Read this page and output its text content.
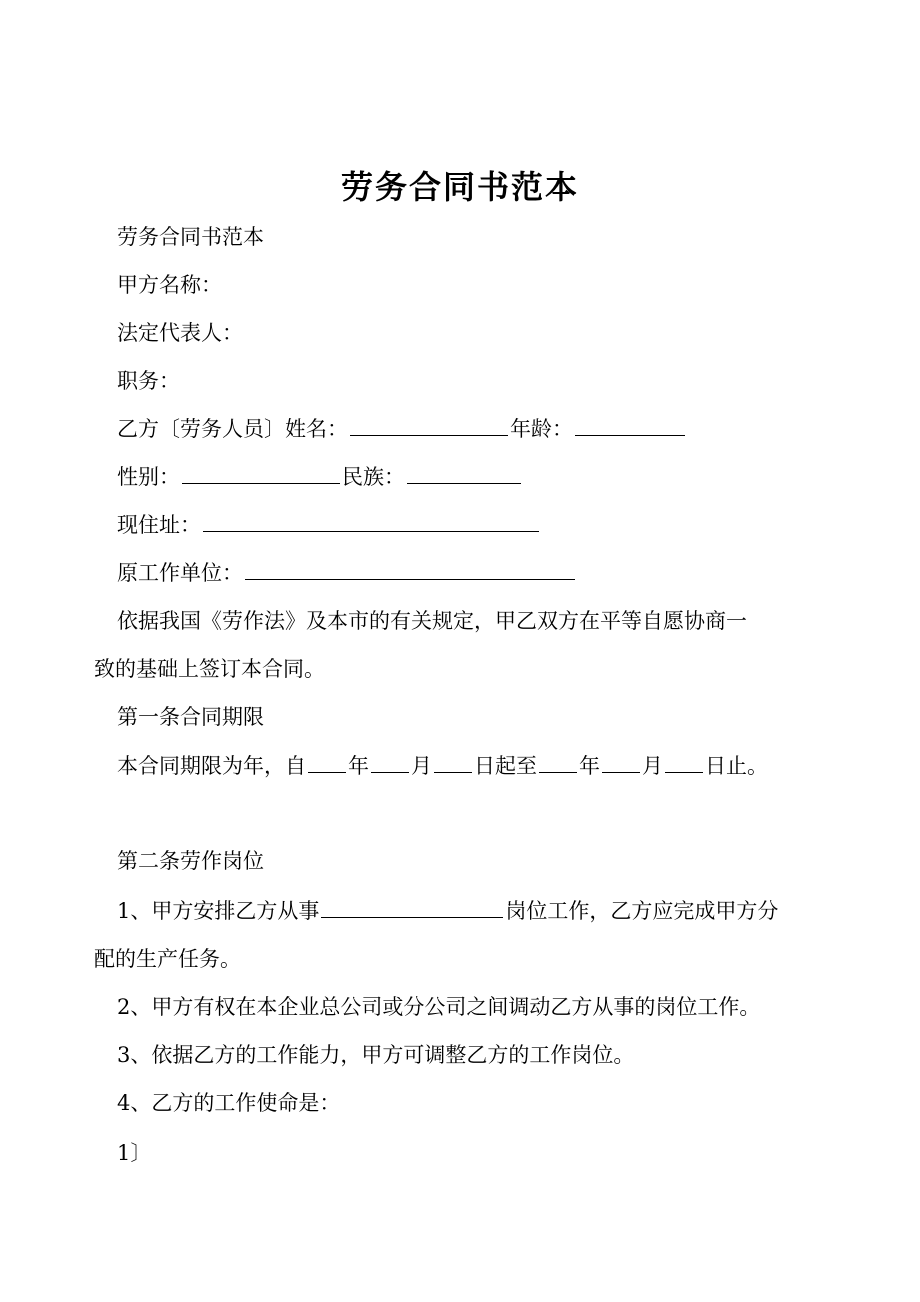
劳务合同书范本
劳务合同书范本
甲方名称：
法定代表人：
职务：
乙方〔劳务人员〕姓名：	年龄：
性别：	民族：
现住址：
原工作单位：
依据我国《劳作法》及本市的有关规定，甲乙双方在平等自愿协商一
致的基础上签订本合同。
第一条合同期限
本合同期限为年，自 年 月 日起至 年 月 日止。
第二条劳作岗位
1、甲方安排乙方从事	岗位工作，乙方应完成甲方分
配的生产任务。
2、甲方有权在本企业总公司或分公司之间调动乙方从事的岗位工作。
3、依据乙方的工作能力，甲方可调整乙方的工作岗位。
4、乙方的工作使命是：
1〕
